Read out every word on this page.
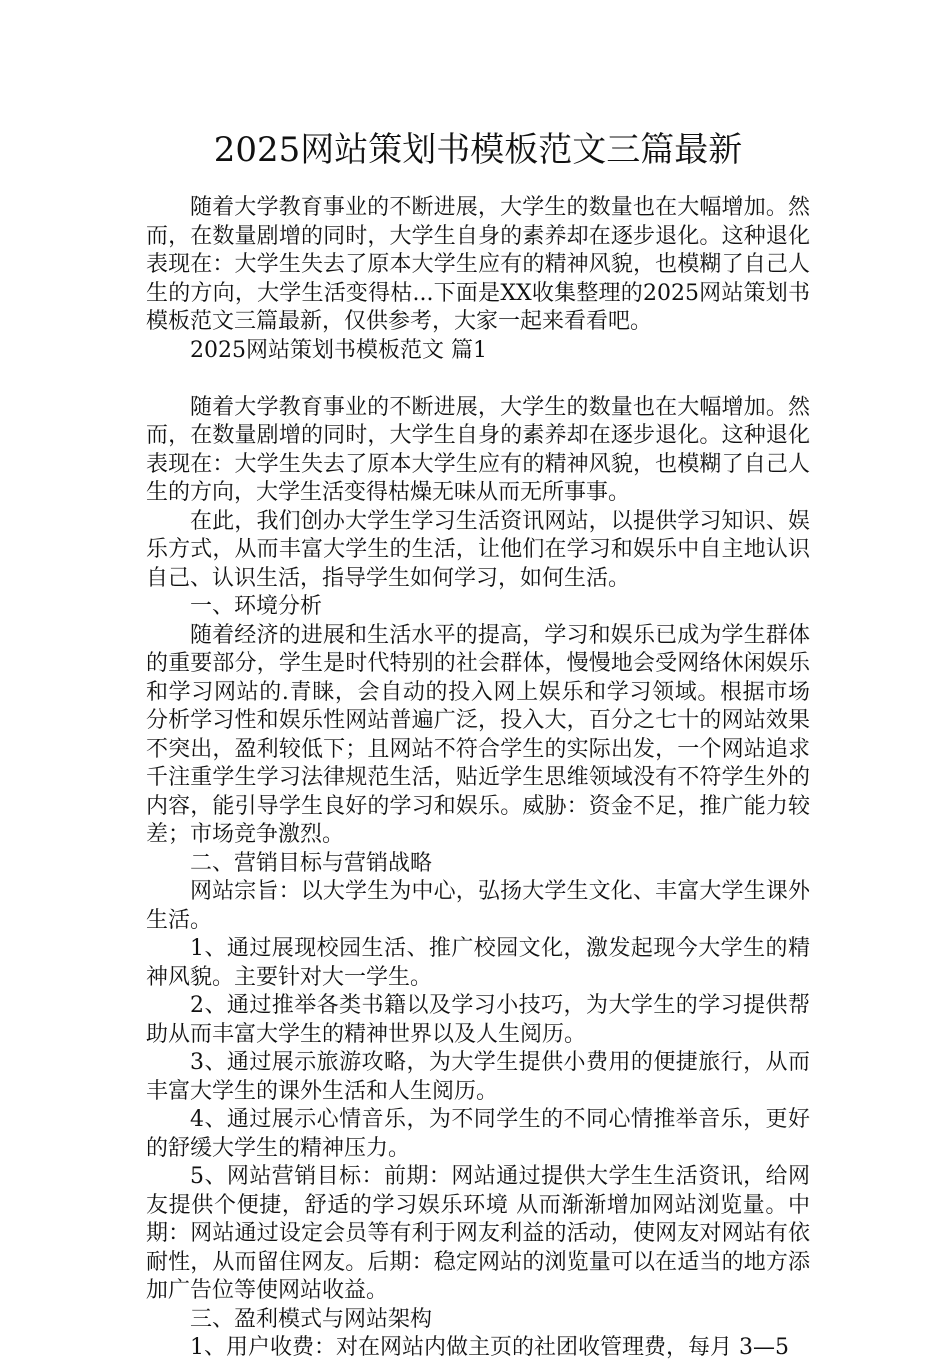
2025网站策划书模板范文三篇最新

随着大学教育事业的不断进展，大学生的数量也在大幅增加。然而，在数量剧增的同时，大学生自身的素养却在逐步退化。这种退化表现在：大学生失去了原本大学生应有的精神风貌，也模糊了自己人生的方向，大学生活变得枯...下面是XX收集整理的2025网站策划书模板范文三篇最新，仅供参考，大家一起来看看吧。

2025网站策划书模板范文 篇1

随着大学教育事业的不断进展，大学生的数量也在大幅增加。然而，在数量剧增的同时，大学生自身的素养却在逐步退化。这种退化表现在：大学生失去了原本大学生应有的精神风貌，也模糊了自己人生的方向，大学生活变得枯燥无味从而无所事事。

在此，我们创办大学生学习生活资讯网站，以提供学习知识、娱乐方式，从而丰富大学生的生活，让他们在学习和娱乐中自主地认识自己、认识生活，指导学生如何学习，如何生活。

一、环境分析

随着经济的进展和生活水平的提高，学习和娱乐已成为学生群体的重要部分，学生是时代特别的社会群体，慢慢地会受网络休闲娱乐和学习网站的.青睐，会自动的投入网上娱乐和学习领域。根据市场分析学习性和娱乐性网站普遍广泛，投入大，百分之七十的网站效果不突出，盈利较低下；且网站不符合学生的实际出发，一个网站追求千注重学生学习法律规范生活，贴近学生思维领域没有不符学生外的内容，能引导学生良好的学习和娱乐。威胁：资金不足，推广能力较差；市场竞争激烈。

二、营销目标与营销战略

网站宗旨：以大学生为中心，弘扬大学生文化、丰富大学生课外生活。

1、通过展现校园生活、推广校园文化，激发起现今大学生的精神风貌。主要针对大一学生。

2、通过推举各类书籍以及学习小技巧，为大学生的学习提供帮助从而丰富大学生的精神世界以及人生阅历。

3、通过展示旅游攻略，为大学生提供小费用的便捷旅行，从而丰富大学生的课外生活和人生阅历。

4、通过展示心情音乐，为不同学生的不同心情推举音乐，更好的舒缓大学生的精神压力。

5、网站营销目标：前期：网站通过提供大学生生活资讯，给网友提供个便捷，舒适的学习娱乐环境 从而渐渐增加网站浏览量。中期：网站通过设定会员等有利于网友利益的活动，使网友对网站有依耐性，从而留住网友。后期：稳定网站的浏览量可以在适当的地方添加广告位等使网站收益。

三、盈利模式与网站架构

1、用户收费：对在网站内做主页的社团收管理费，每月 3—5
